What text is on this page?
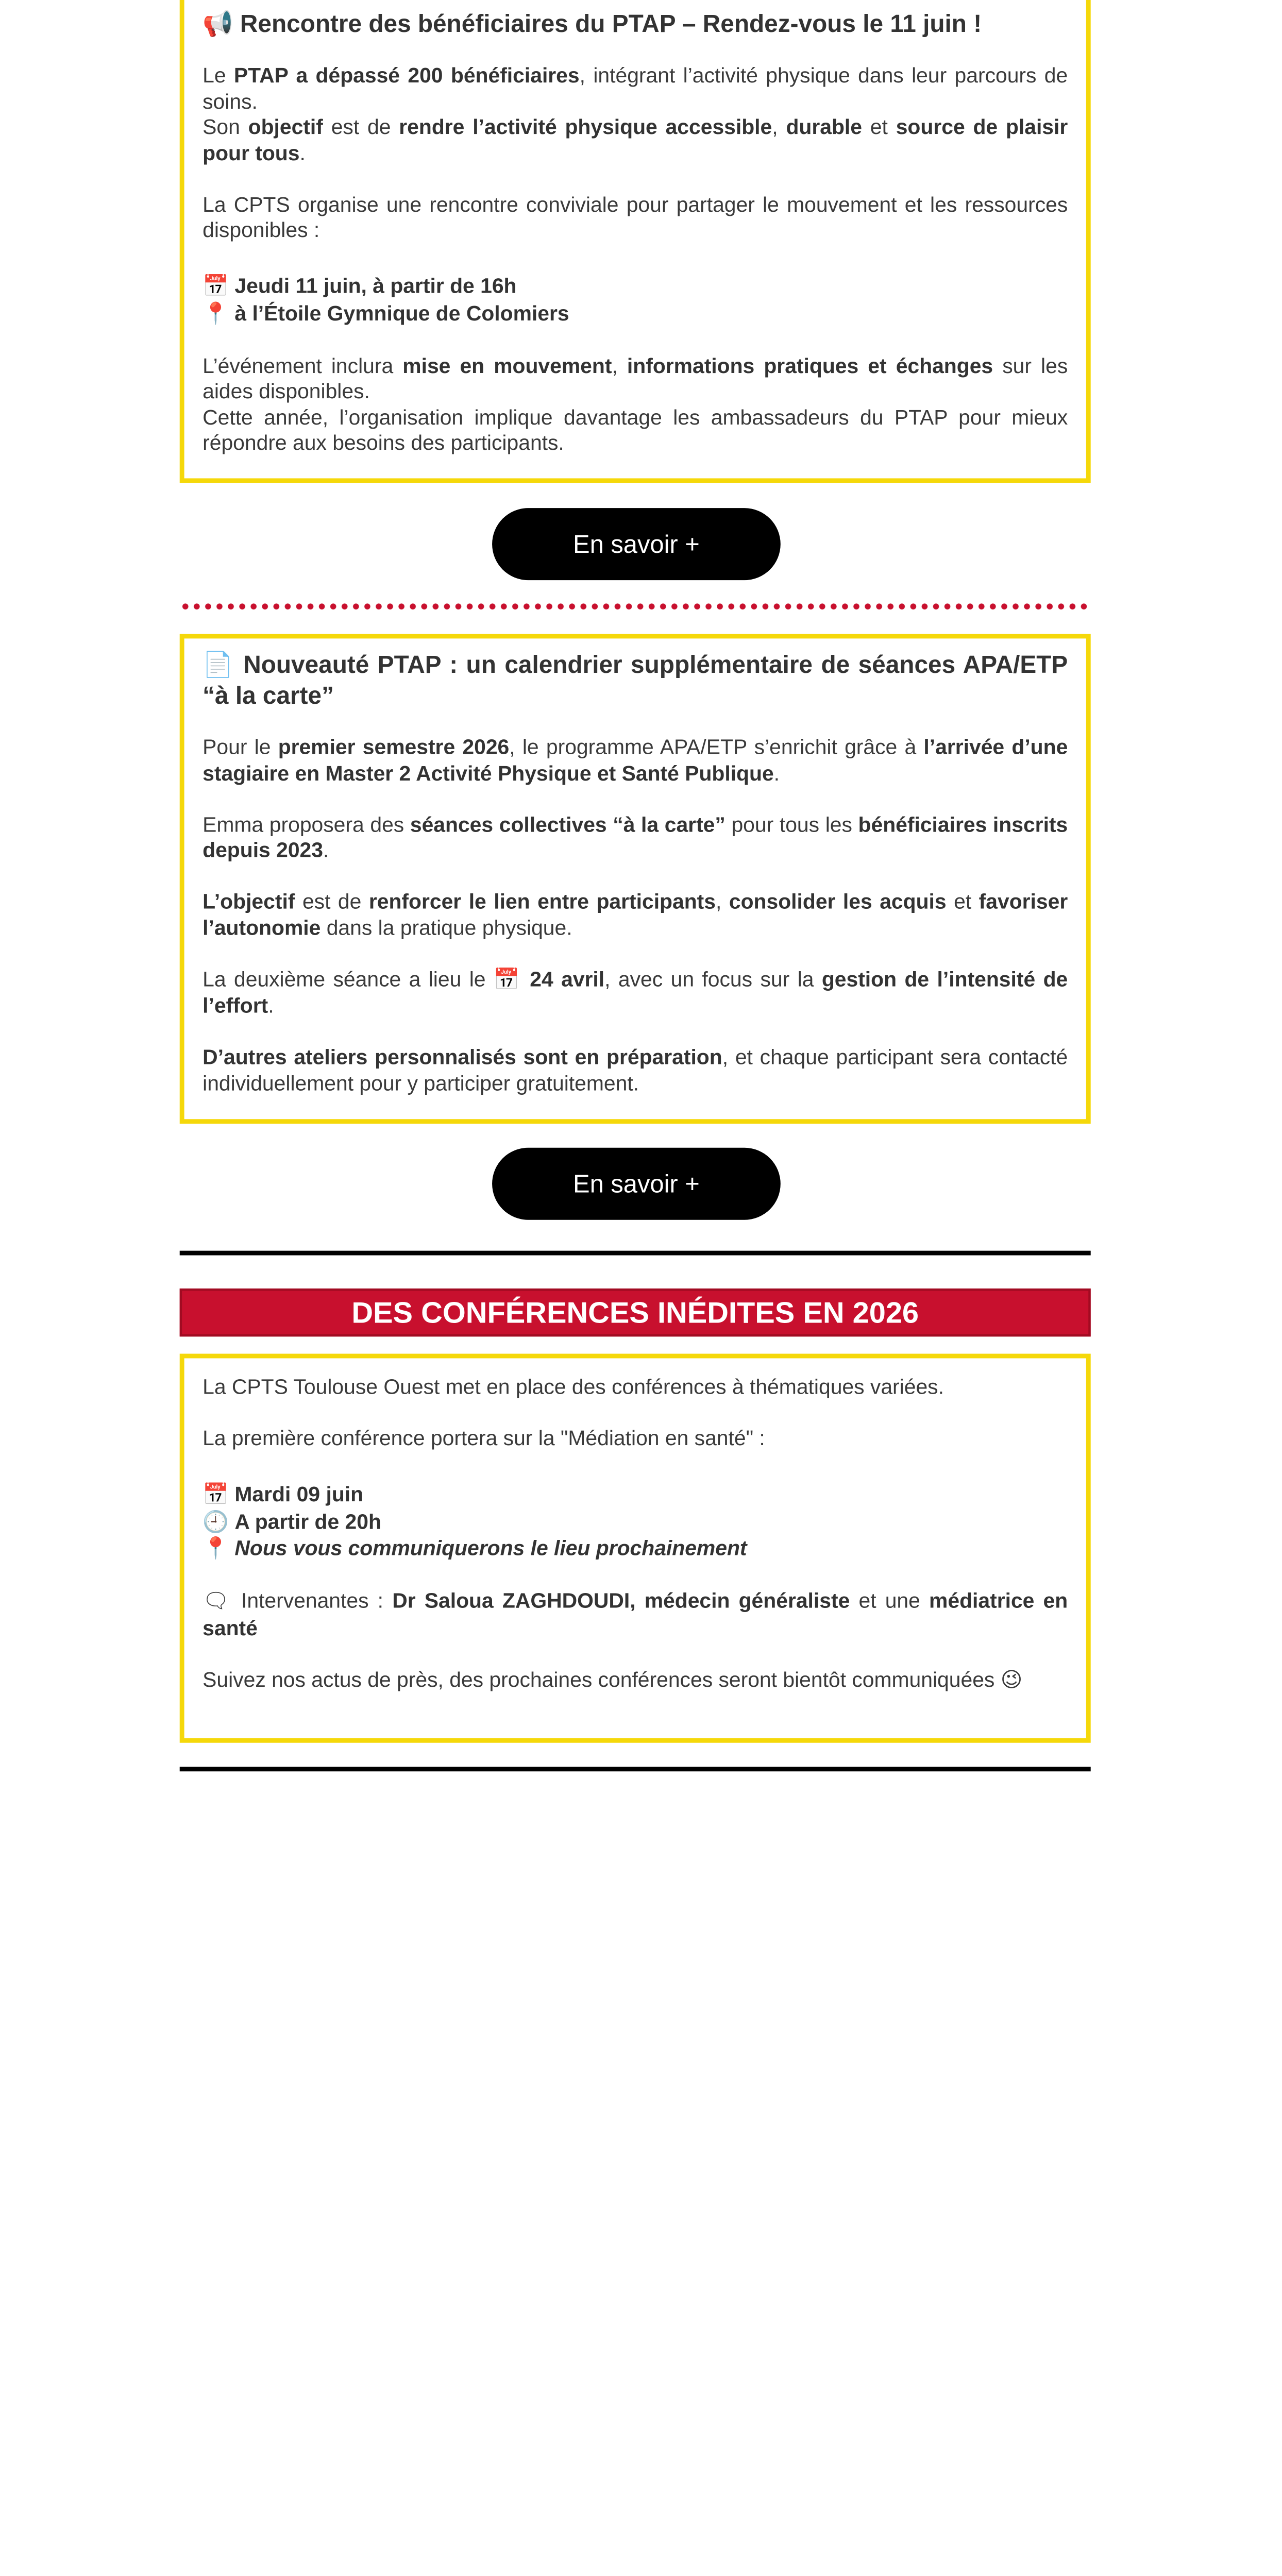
📢 Rencontre des bénéficiaires du PTAP – Rendez-vous le 11 juin !

Le PTAP a dépassé 200 bénéficiaires, intégrant l’activité physique dans leur parcours de soins.

Son objectif est de rendre l’activité physique accessible, durable et source de plaisir pour tous.

La CPTS organise une rencontre conviviale pour partager le mouvement et les ressources disponibles :

📅 Jeudi 11 juin, à partir de 16h

📍 à l’Étoile Gymnique de Colomiers

L’événement inclura mise en mouvement, informations pratiques et échanges sur les aides disponibles.

Cette année, l’organisation implique davantage les ambassadeurs du PTAP pour mieux répondre aux besoins des participants.

En savoir +
📄 Nouveauté PTAP : un calendrier supplémentaire de séances APA/ETP “à la carte”

Pour le premier semestre 2026, le programme APA/ETP s’enrichit grâce à l’arrivée d’une stagiaire en Master 2 Activité Physique et Santé Publique.

Emma proposera des séances collectives “à la carte” pour tous les bénéficiaires inscrits depuis 2023.

L’objectif est de renforcer le lien entre participants, consolider les acquis et favoriser l’autonomie dans la pratique physique.

La deuxième séance a lieu le 📅 24 avril, avec un focus sur la gestion de l’intensité de l’effort.

D’autres ateliers personnalisés sont en préparation, et chaque participant sera contacté individuellement pour y participer gratuitement.

En savoir +
DES CONFÉRENCES INÉDITES EN 2026

La CPTS Toulouse Ouest met en place des conférences à thématiques variées.

La première conférence portera sur la "Médiation en santé" :

📅 Mardi 09 juin

🕘 A partir de 20h

📍 Nous vous communiquerons le lieu prochainement

🗨 Intervenantes : Dr Saloua ZAGHDOUDI, médecin généraliste et une médiatrice en santé

Suivez nos actus de près, des prochaines conférences seront bientôt communiquées 😉
